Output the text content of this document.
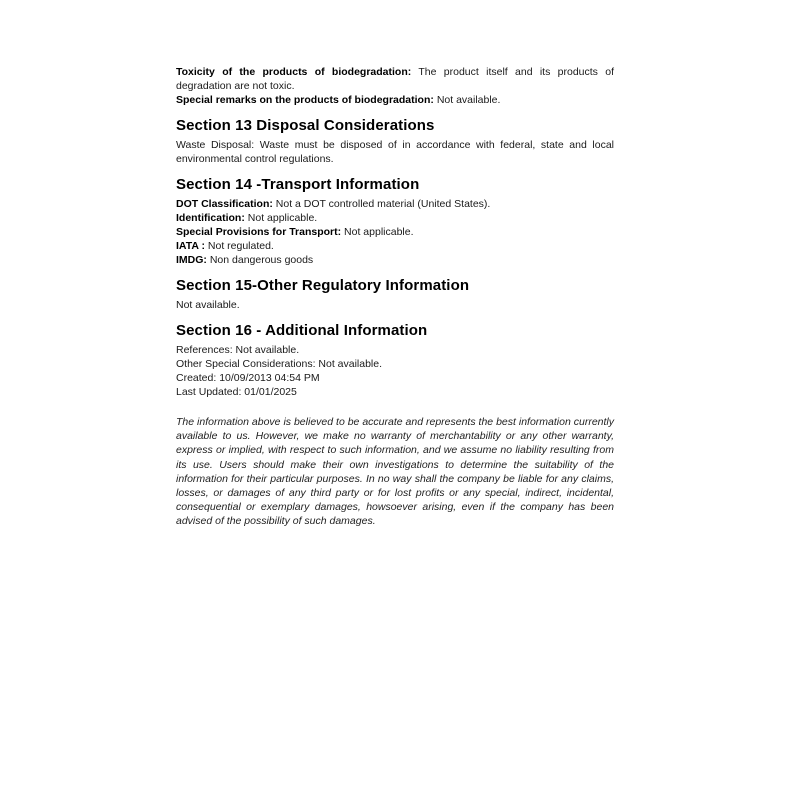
Toxicity of the products of biodegradation: The product itself and its products of degradation are not toxic.

Special remarks on the products of biodegradation: Not available.

Section 13 Disposal Considerations

Waste Disposal: Waste must be disposed of in accordance with federal, state and local environmental control regulations.

Section 14 -Transport Information

DOT Classification: Not a DOT controlled material (United States).

Identification: Not applicable.

Special Provisions for Transport: Not applicable.

IATA : Not regulated.

IMDG: Non dangerous goods

Section 15-Other Regulatory Information

Not available.

Section 16 - Additional Information

References: Not available.

Other Special Considerations: Not available.

Created: 10/09/2013 04:54 PM

Last Updated: 01/01/2025

The information above is believed to be accurate and represents the best information currently available to us. However, we make no warranty of merchantability or any other warranty, express or implied, with respect to such information, and we assume no liability resulting from its use. Users should make their own investigations to determine the suitability of the information for their particular purposes. In no way shall the company be liable for any claims, losses, or damages of any third party or for lost profits or any special, indirect, incidental, consequential or exemplary damages, howsoever arising, even if the company has been advised of the possibility of such damages.
